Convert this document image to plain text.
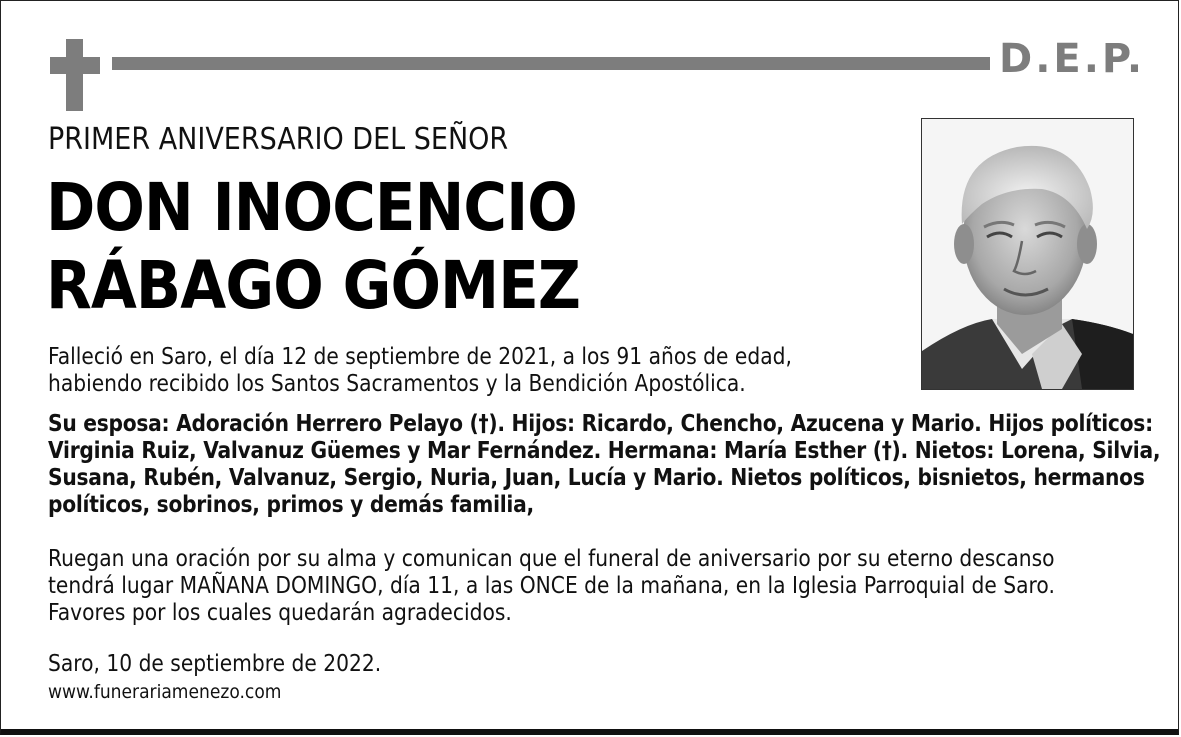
D.E.P.
PRIMER ANIVERSARIO DEL SEÑOR
DON INOCENCIO
RÁBAGO GÓMEZ
Falleció en Saro, el día 12 de septiembre de 2021, a los 91 años de edad,
habiendo recibido los Santos Sacramentos y la Bendición Apostólica.
Su esposa: Adoración Herrero Pelayo (†). Hijos: Ricardo, Chencho, Azucena y Mario. Hijos políticos:
Virginia Ruiz, Valvanuz Güemes y Mar Fernández. Hermana: María Esther (†). Nietos: Lorena, Silvia,
Susana, Rubén, Valvanuz, Sergio, Nuria, Juan, Lucía y Mario. Nietos políticos, bisnietos, hermanos
políticos, sobrinos, primos y demás familia,
Ruegan una oración por su alma y comunican que el funeral de aniversario por su eterno descanso
tendrá lugar MAÑANA DOMINGO, día 11, a las ONCE de la mañana, en la Iglesia Parroquial de Saro.
Favores por los cuales quedarán agradecidos.
Saro, 10 de septiembre de 2022.
www.funerariamenezo.com
